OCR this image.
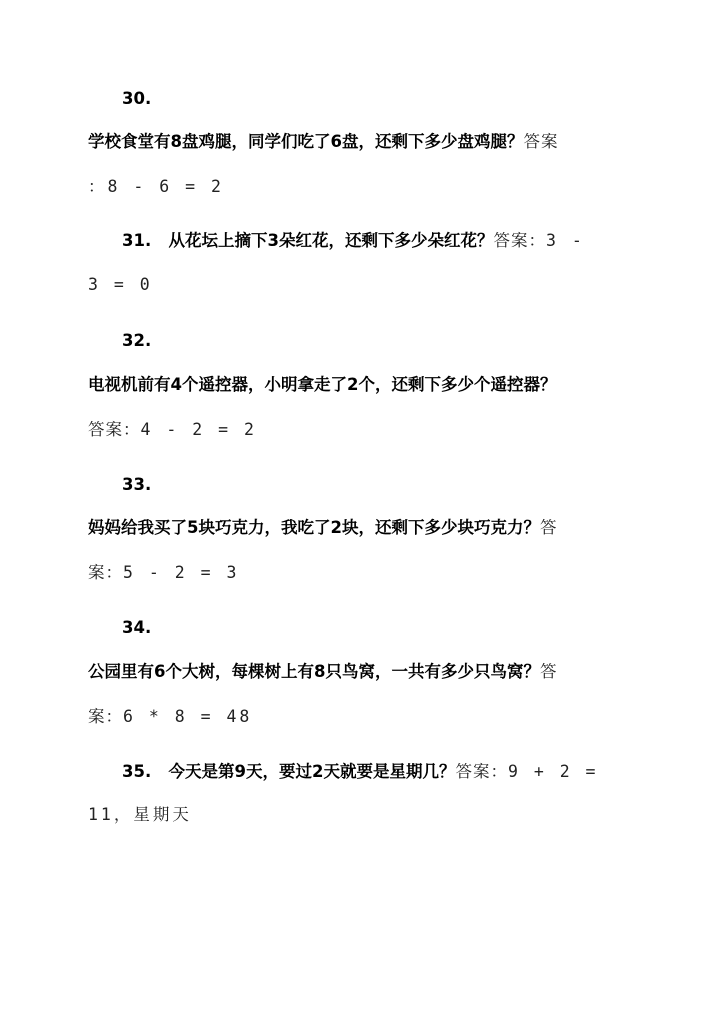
30.
学校食堂有8盘鸡腿，同学们吃了6盘，还剩下多少盘鸡腿？答案
：8 - 6 = 2
31. 从花坛上摘下3朵红花，还剩下多少朵红花？答案：3 -
3 = 0
32.
电视机前有4个遥控器，小明拿走了2个，还剩下多少个遥控器？
答案：4 - 2 = 2
33.
妈妈给我买了5块巧克力，我吃了2块，还剩下多少块巧克力？答
案：5 - 2 = 3
34.
公园里有6个大树，每棵树上有8只鸟窝，一共有多少只鸟窝？答
案：6 * 8 = 48
35. 今天是第9天，要过2天就要是星期几？答案：9 + 2 =
11，星期天
